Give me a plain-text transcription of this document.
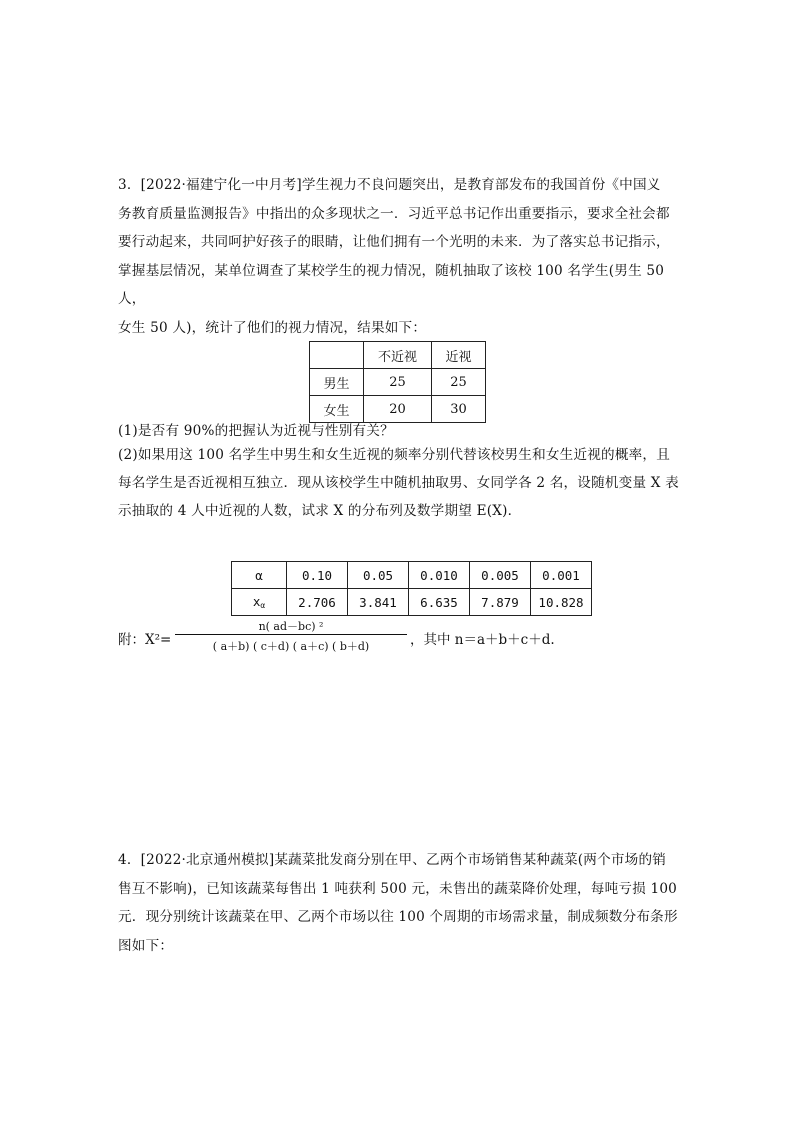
3．[2022·福建宁化一中月考]学生视力不良问题突出，是教育部发布的我国首份《中国义

务教育质量监测报告》中指出的众多现状之一．习近平总书记作出重要指示，要求全社会都

要行动起来，共同呵护好孩子的眼睛，让他们拥有一个光明的未来．为了落实总书记指示，

掌握基层情况，某单位调查了某校学生的视力情况，随机抽取了该校 100 名学生(男生 50 人，

女生 50 人)，统计了他们的视力情况，结果如下：

	不近视	近视
男生	25	25
女生	20	30

(1)是否有 90%的把握认为近视与性别有关？

(2)如果用这 100 名学生中男生和女生近视的频率分别代替该校男生和女生近视的概率，且

每名学生是否近视相互独立．现从该校学生中随机抽取男、女同学各 2 名，设随机变量 X 表

示抽取的 4 人中近视的人数，试求 X 的分布列及数学期望 E(X)．

α	0.10	0.05	0.010	0.005	0.001
$x_\alpha$	2.706	3.841	6.635	7.879	10.828
附：Χ²=
n( ad－bc) ²
( a＋b) ( c＋d) ( a＋c) ( b＋d)	，其中 n＝a＋b＋c＋d.

4．[2022·北京通州模拟]某蔬菜批发商分别在甲、乙两个市场销售某种蔬菜(两个市场的销

售互不影响)，已知该蔬菜每售出 1 吨获利 500 元，未售出的蔬菜降价处理，每吨亏损 100

元．现分别统计该蔬菜在甲、乙两个市场以往 100 个周期的市场需求量，制成频数分布条形

图如下：
